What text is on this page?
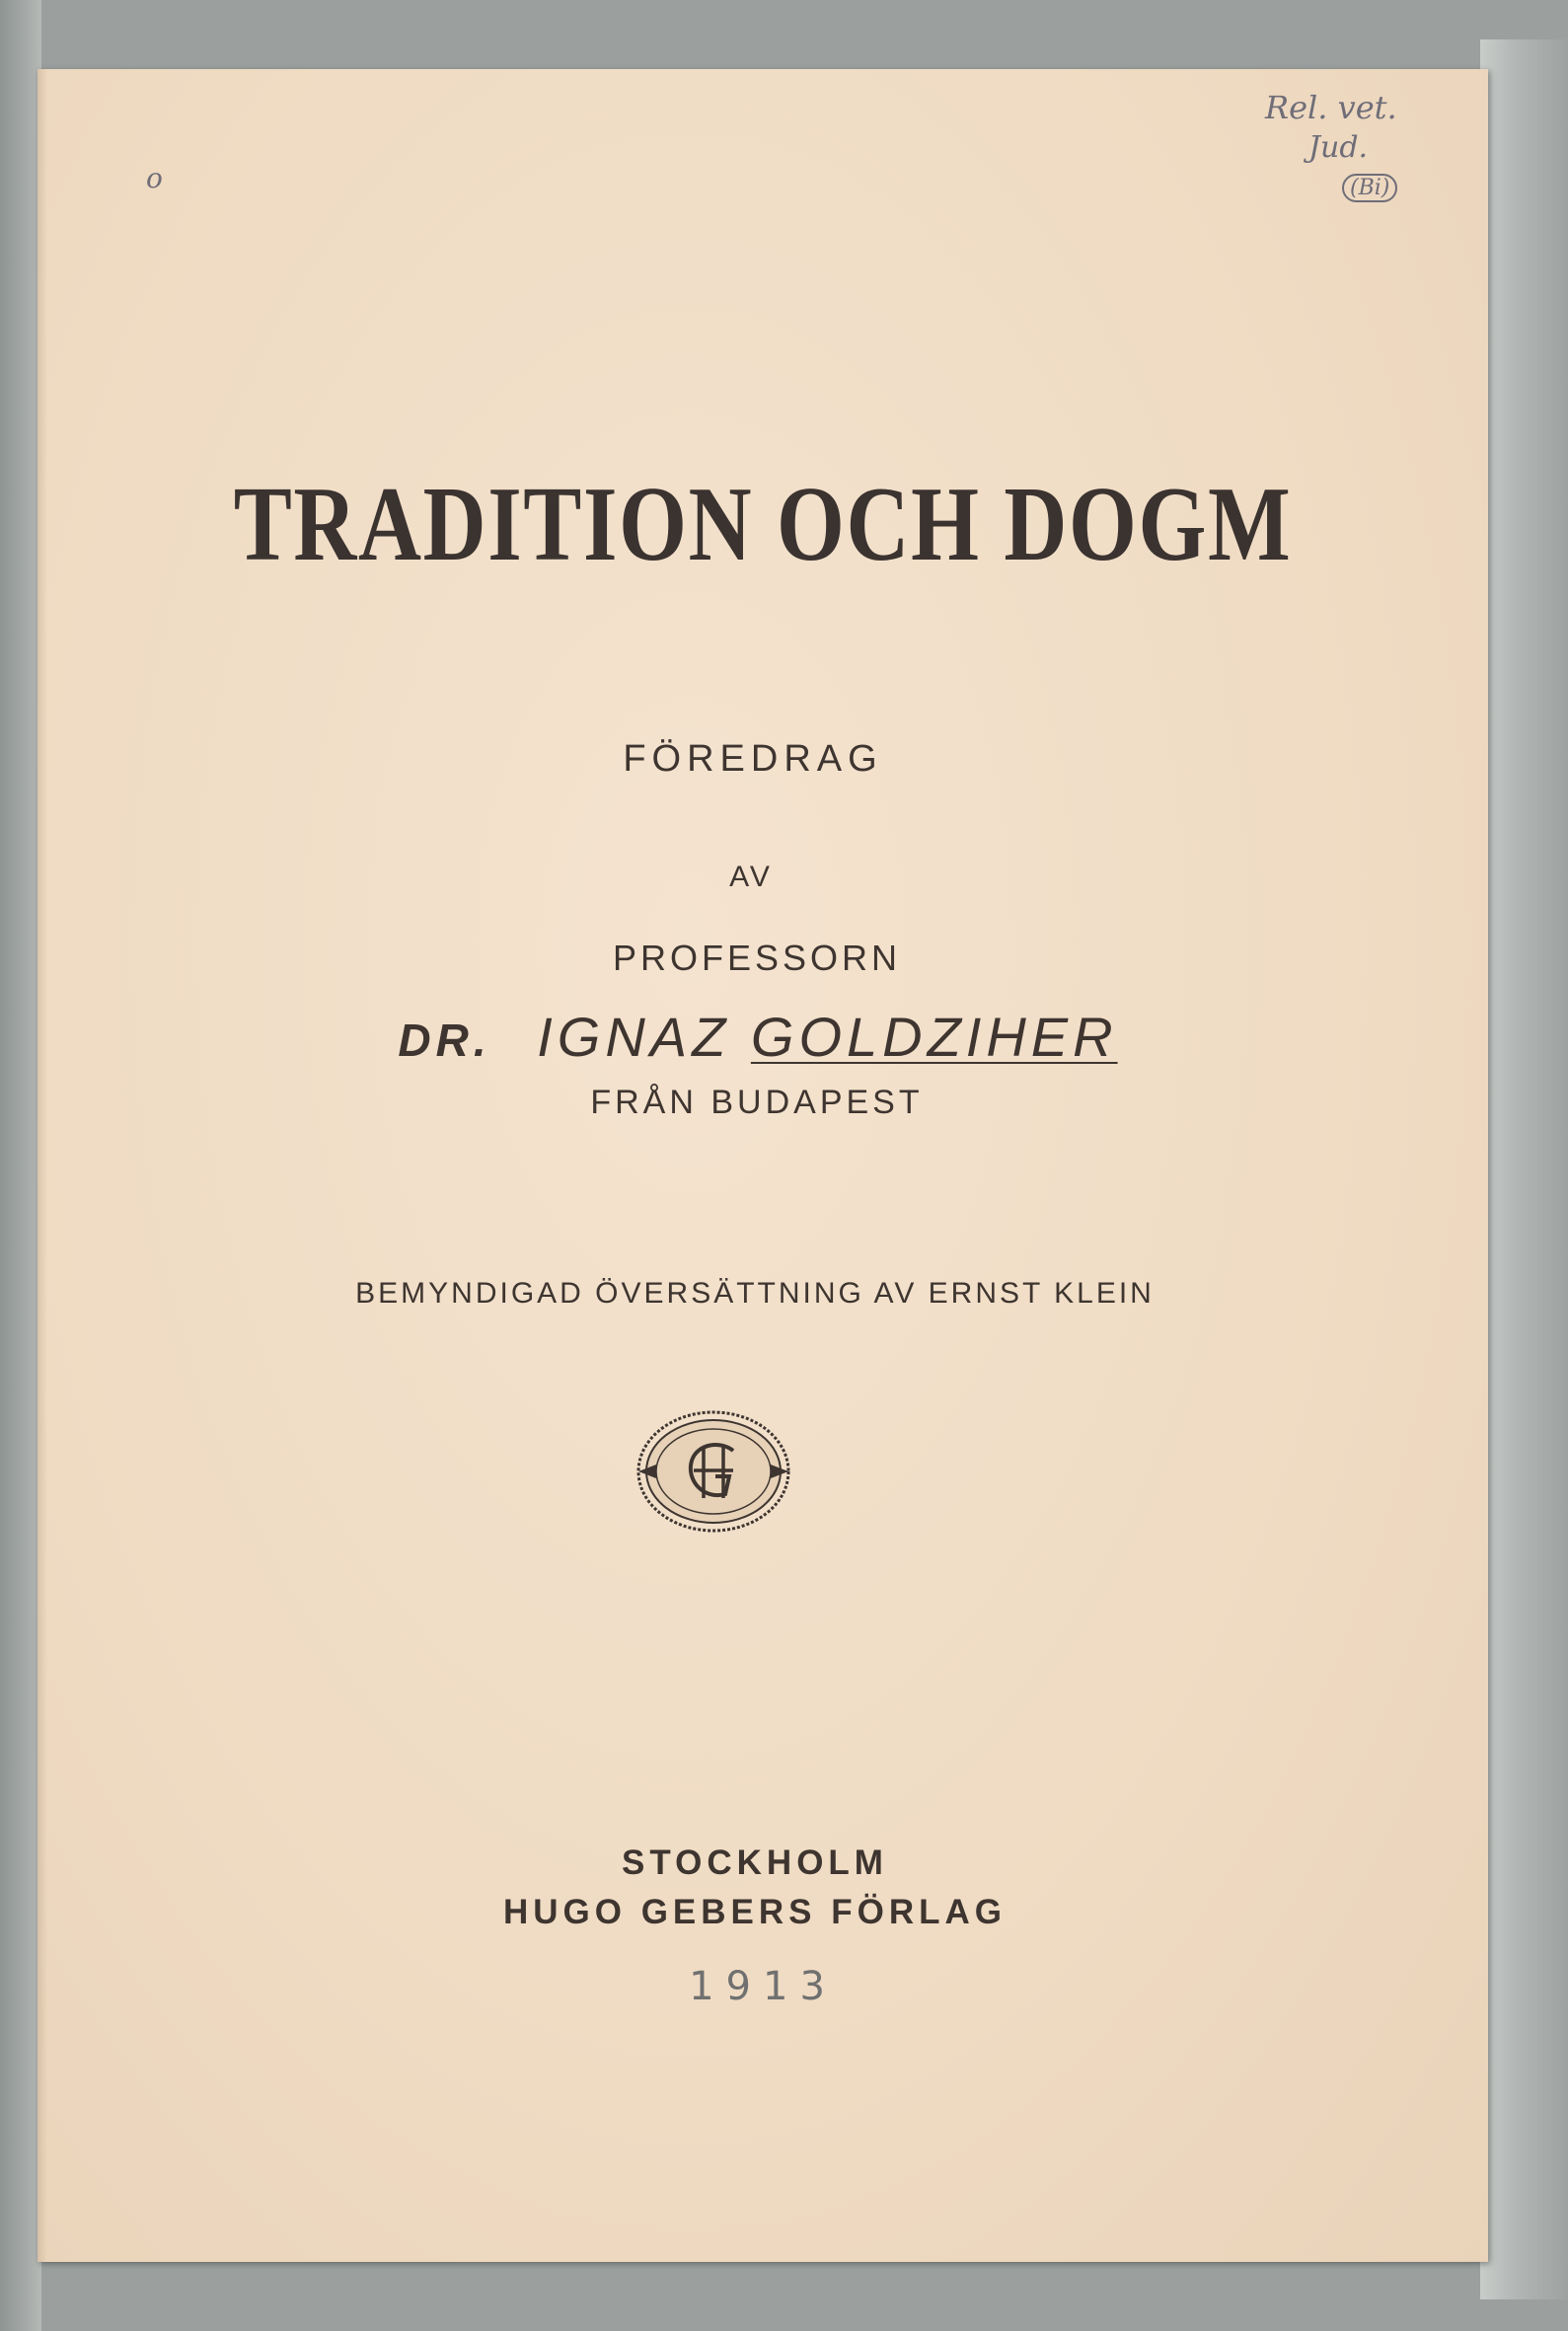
Rel. vet.
Jud.
(Bi)
o
TRADITION OCH DOGM
FÖREDRAG
AV
PROFESSORN
DR. IGNAZ GOLDZIHER
FRÅN BUDAPEST
BEMYNDIGAD ÖVERSÄTTNING AV ERNST KLEIN
STOCKHOLM
HUGO GEBERS FÖRLAG
1913
